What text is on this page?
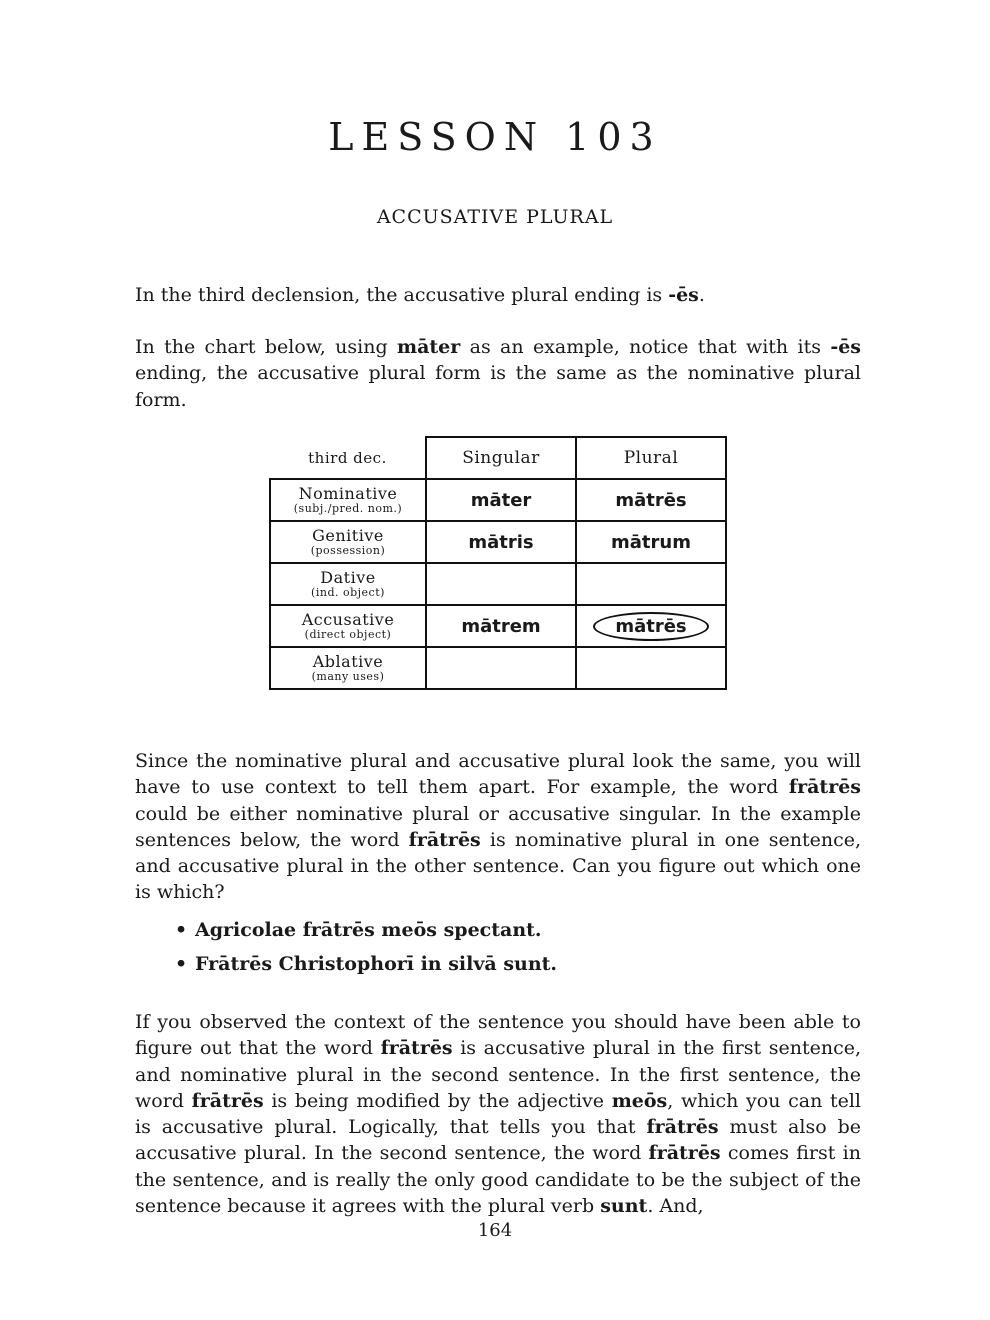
LESSON 103
ACCUSATIVE PLURAL

In the third declension, the accusative plural ending is -ēs.

In the chart below, using māter as an example, notice that with its -ēs ending, the accusative plural form is the same as the nominative plural form.

third dec.	Singular	Plural

Nominative
(subj./pred. nom.)	māter	mātrēs

Genitive
(possession)	mātris	mātrum

Dative
(ind. object)		

Accusative
(direct object)	mātrem	mātrēs

Ablative
(many uses)		

Since the nominative plural and accusative plural look the same, you will have to use context to tell them apart. For example, the word frātrēs could be either nominative plural or accusative singular. In the example sentences below, the word frātrēs is nominative plural in one sentence, and accusative plural in the other sentence. Can you figure out which one is which?

• Agricolae frātrēs meōs spectant.
• Frātrēs Christophorī in silvā sunt.

If you observed the context of the sentence you should have been able to figure out that the word frātrēs is accusative plural in the first sentence, and nominative plural in the second sentence. In the first sentence, the word frātrēs is being modified by the adjective meōs, which you can tell is accusative plural. Logically, that tells you that frātrēs must also be accusative plural. In the second sentence, the word frātrēs comes first in the sentence, and is really the only good candidate to be the subject of the sentence because it agrees with the plural verb sunt. And,

164
